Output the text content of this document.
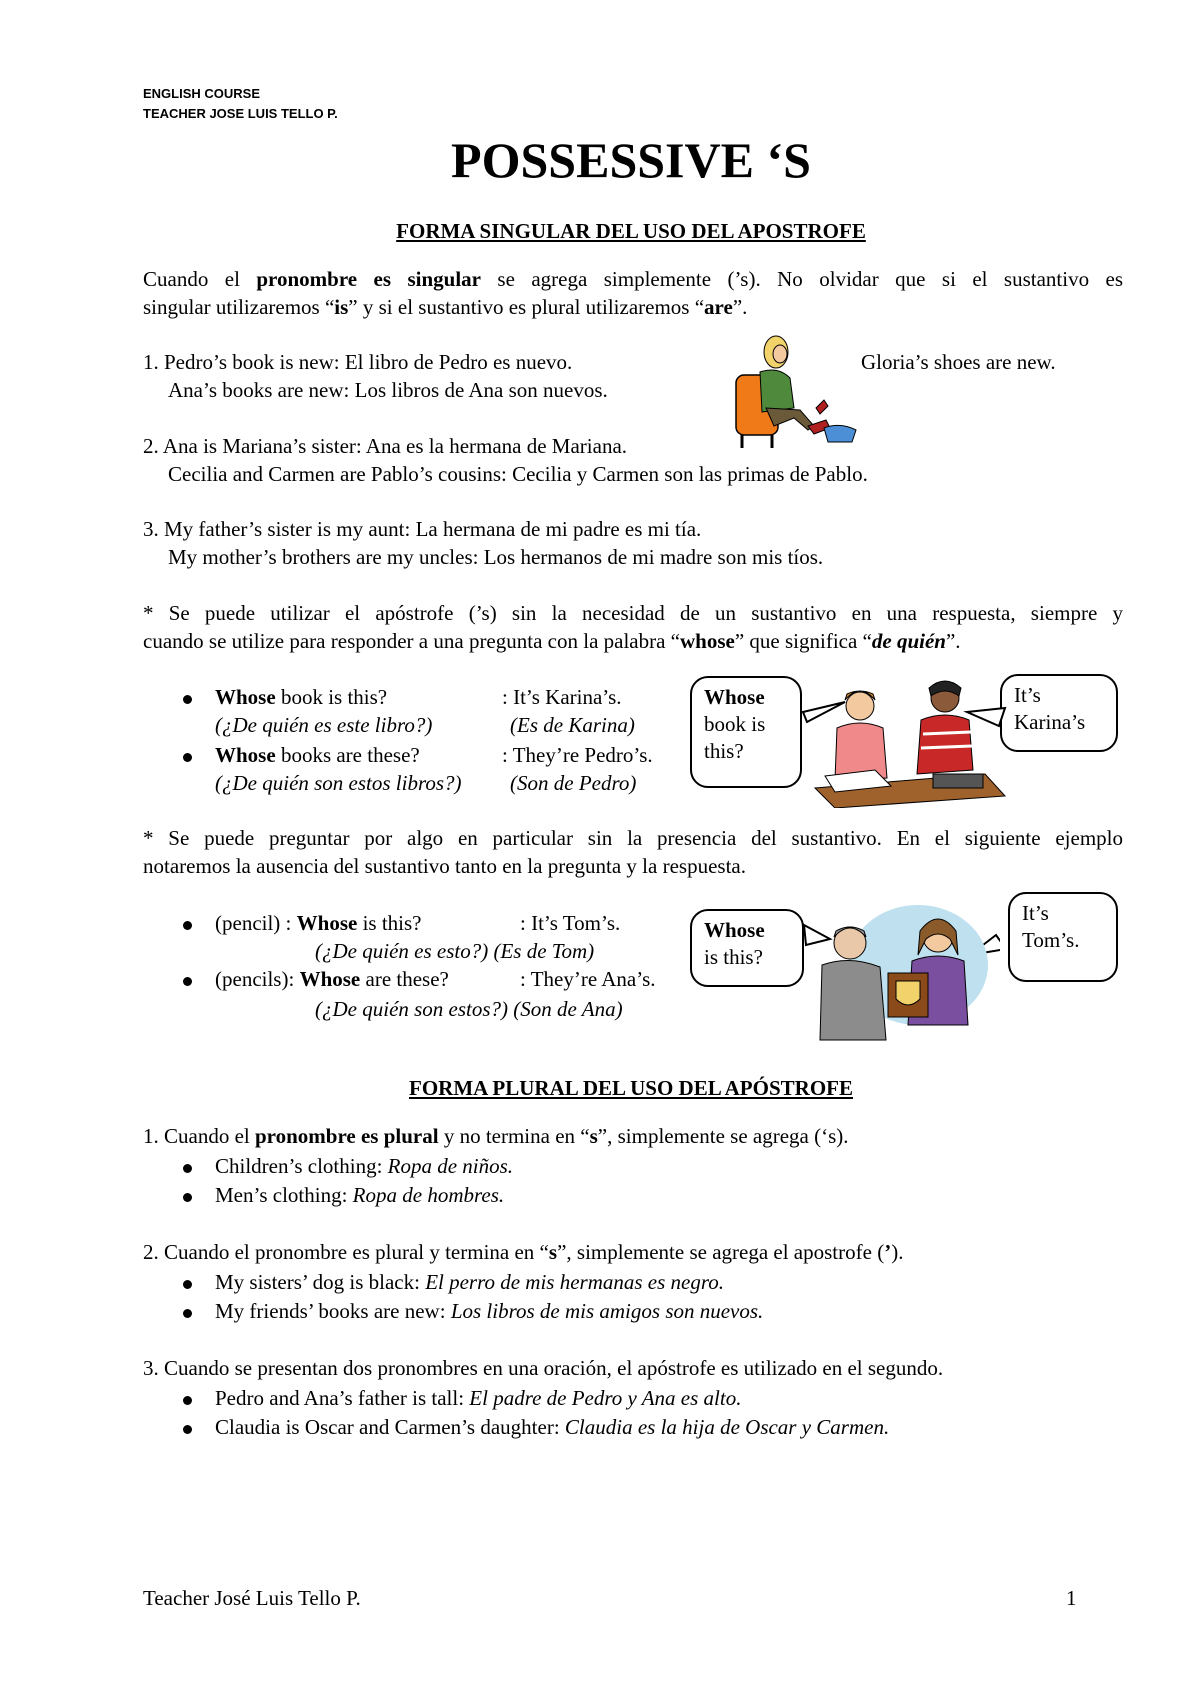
ENGLISH COURSE
TEACHER JOSE LUIS TELLO P.
POSSESSIVE ‘S
FORMA SINGULAR DEL USO DEL APOSTROFE
Cuando el pronombre es singular se agrega simplemente (’s). No olvidar que si el sustantivo es
singular utilizaremos “is” y si el sustantivo es plural utilizaremos “are”.
1. Pedro’s book is new: El libro de Pedro es nuevo.
Ana’s books are new: Los libros de Ana son nuevos.
Gloria’s shoes are new.
2. Ana is Mariana’s sister: Ana es la hermana de Mariana.
Cecilia and Carmen are Pablo’s cousins: Cecilia y Carmen son las primas de Pablo.
3. My father’s sister is my aunt: La hermana de mi padre es mi tía.
My mother’s brothers are my uncles: Los hermanos de mi madre son mis tíos.
* Se puede utilizar el apóstrofe (’s) sin la necesidad de un sustantivo en una respuesta, siempre y
cuando se utilize para responder a una pregunta con la palabra “whose” que significa “de quién”.
Whose book is this?	: It’s Karina’s.
(¿De quién es este libro?)	(Es de Karina)
Whose books are these?	: They’re Pedro’s.
(¿De quién son estos libros?) (Son de Pedro)
Whose
book is
this?
It’s
Karina’s
* Se puede preguntar por algo en particular sin la presencia del sustantivo. En el siguiente ejemplo
notaremos la ausencia del sustantivo tanto en la pregunta y la respuesta.
(pencil) : Whose is this?	: It’s Tom’s.
(¿De quién es esto?) (Es de Tom)
(pencils): Whose are these?	: They’re Ana’s.
(¿De quién son estos?) (Son de Ana)
Whose
is this?
It’s
Tom’s.
FORMA PLURAL DEL USO DEL APÓSTROFE
1. Cuando el pronombre es plural y no termina en “s”, simplemente se agrega (‘s).
Children’s clothing: Ropa de niños.
Men’s clothing: Ropa de hombres.
2. Cuando el pronombre es plural y termina en “s”, simplemente se agrega el apostrofe (’).
My sisters’ dog is black: El perro de mis hermanas es negro.
My friends’ books are new: Los libros de mis amigos son nuevos.
3. Cuando se presentan dos pronombres en una oración, el apóstrofe es utilizado en el segundo.
Pedro and Ana’s father is tall: El padre de Pedro y Ana es alto.
Claudia is Oscar and Carmen’s daughter: Claudia es la hija de Oscar y Carmen.
Teacher José Luis Tello P.	1
